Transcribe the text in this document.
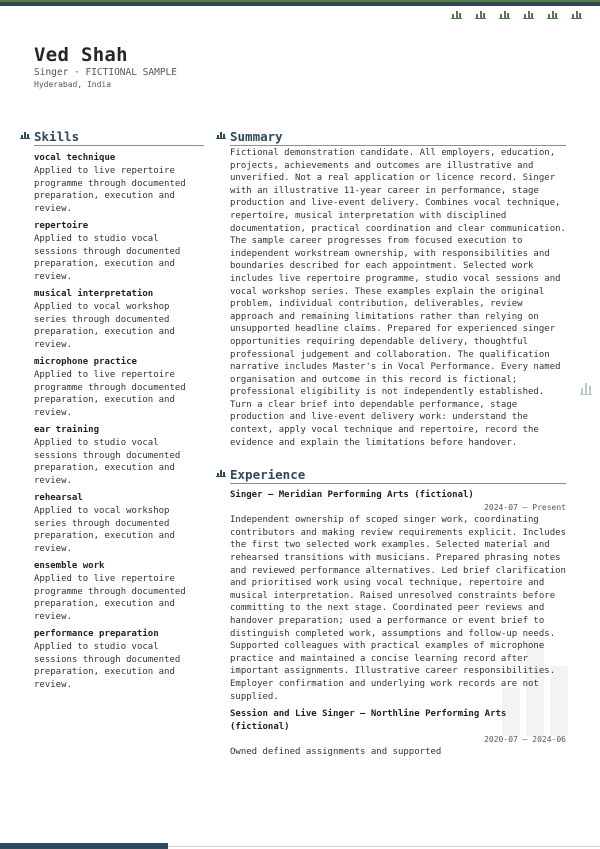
Ved Shah
Singer · FICTIONAL SAMPLE
Hyderabad, India
Skills
vocal technique
Applied to live repertoire programme through documented preparation, execution and review.
repertoire
Applied to studio vocal sessions through documented preparation, execution and review.
musical interpretation
Applied to vocal workshop series through documented preparation, execution and review.
microphone practice
Applied to live repertoire programme through documented preparation, execution and review.
ear training
Applied to studio vocal sessions through documented preparation, execution and review.
rehearsal
Applied to vocal workshop series through documented preparation, execution and review.
ensemble work
Applied to live repertoire programme through documented preparation, execution and review.
performance preparation
Applied to studio vocal sessions through documented preparation, execution and review.
Summary
Fictional demonstration candidate. All employers, education, projects, achievements and outcomes are illustrative and unverified. Not a real application or licence record. Singer with an illustrative 11-year career in performance, stage production and live-event delivery. Combines vocal technique, repertoire, musical interpretation with disciplined documentation, practical coordination and clear communication. The sample career progresses from focused execution to independent workstream ownership, with responsibilities and boundaries described for each appointment. Selected work includes live repertoire programme, studio vocal sessions and vocal workshop series. These examples explain the original problem, individual contribution, deliverables, review approach and remaining limitations rather than relying on unsupported headline claims. Prepared for experienced singer opportunities requiring dependable delivery, thoughtful professional judgement and collaboration. The qualification narrative includes Master's in Vocal Performance. Every named organisation and outcome in this record is fictional; professional eligibility is not independently established. Turn a clear brief into dependable performance, stage production and live-event delivery work: understand the context, apply vocal technique and repertoire, record the evidence and explain the limitations before handover.
Experience
Singer – Meridian Performing Arts (fictional)
2024-07 – Present
Independent ownership of scoped singer work, coordinating contributors and making review requirements explicit. Includes the first two selected work examples. Selected material and rehearsed transitions with musicians. Prepared phrasing notes and reviewed performance alternatives. Led brief clarification and prioritised work using vocal technique, repertoire and musical interpretation. Raised unresolved constraints before committing to the next stage. Coordinated peer reviews and handover preparation; used a performance or event brief to distinguish completed work, assumptions and follow-up needs. Supported colleagues with practical examples of microphone practice and maintained a concise learning record after important assignments. Illustrative career responsibilities. Employer confirmation and underlying work records are not supplied.
Session and Live Singer – Northline Performing Arts (fictional)
2020-07 – 2024-06
Owned defined assignments and supported
